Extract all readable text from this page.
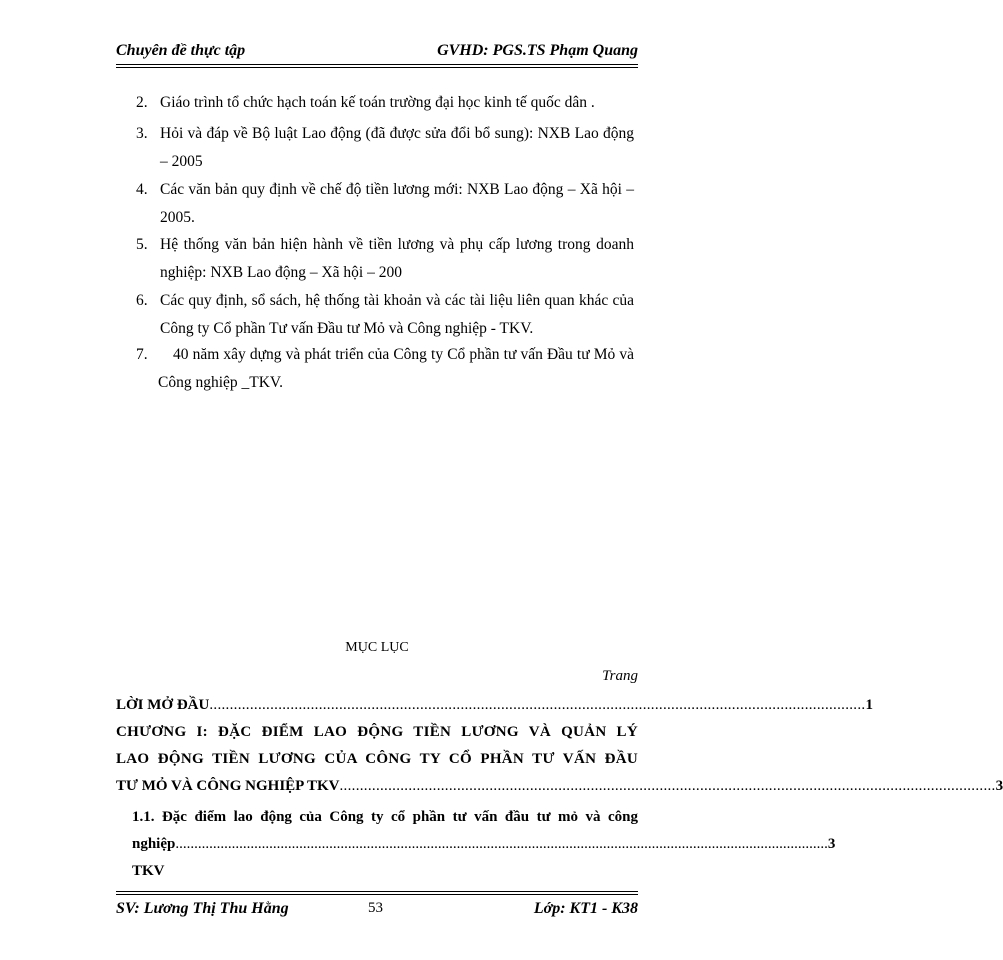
Chuyên đề thực tập	GVHD: PGS.TS Phạm Quang
2. Giáo trình tổ chức hạch toán kế toán trường đại học kinh tế quốc dân .
3. Hỏi và đáp về Bộ luật Lao động (đã được sửa đổi bổ sung): NXB Lao động – 2005
4. Các văn bản quy định về chế độ tiền lương mới: NXB Lao động – Xã hội – 2005.
5. Hệ thống văn bản hiện hành về tiền lương và phụ cấp lương trong doanh nghiệp: NXB Lao động – Xã hội – 200
6. Các quy định, sổ sách, hệ thống tài khoản và các tài liệu liên quan khác của Công ty Cổ phần Tư vấn Đầu tư Mỏ và Công nghiệp - TKV.
7.	40 năm xây dựng và phát triển của Công ty Cổ phần tư vấn Đầu tư Mỏ và Công nghiệp _TKV.
MỤC LỤC
Trang
LỜI MỞ ĐẦU .................................................................................................................................................................. 1
CHƯƠNG I: ĐẶC ĐIỂM LAO ĐỘNG TIỀN LƯƠNG VÀ QUẢN LÝ
LAO ĐỘNG TIỀN LƯƠNG CỦA CÔNG TY CỔ PHẦN TƯ VẤN ĐẦU
TƯ MỎ VÀ CÔNG NGHIỆP TKV .................................................................................................................................................................. 3
1.1. Đặc điểm lao động của Công ty cổ phần tư vấn đầu tư mỏ và công
nghiệp TKV
.............................................................................................................................................................................. 3
SV: Lương Thị Thu Hằng	53	Lớp: KT1 - K38
